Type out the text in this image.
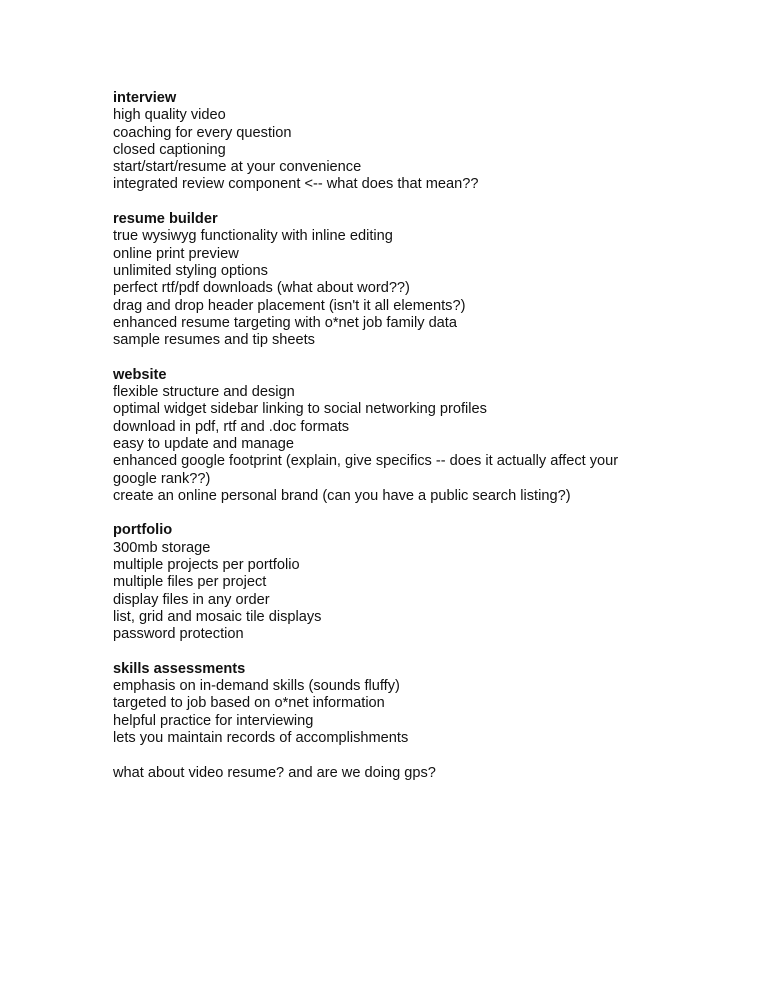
interview
high quality video
coaching for every question
closed captioning
start/start/resume at your convenience
integrated review component <-- what does that mean??
resume builder
true wysiwyg functionality with inline editing
online print preview
unlimited styling options
perfect rtf/pdf downloads (what about word??)
drag and drop header placement (isn't it all elements?)
enhanced resume targeting with o*net job family data
sample resumes and tip sheets
website
flexible structure and design
optimal widget sidebar linking to social networking profiles
download in pdf, rtf and .doc formats
easy to update and manage
enhanced google footprint (explain, give specifics -- does it actually affect your google rank??)
create an online personal brand (can you have a public search listing?)
portfolio
300mb storage
multiple projects per portfolio
multiple files per project
display files in any order
list, grid and mosaic tile displays
password protection
skills assessments
emphasis on in-demand skills (sounds fluffy)
targeted to job based on o*net information
helpful practice for interviewing
lets you maintain records of accomplishments
what about video resume? and are we doing gps?
